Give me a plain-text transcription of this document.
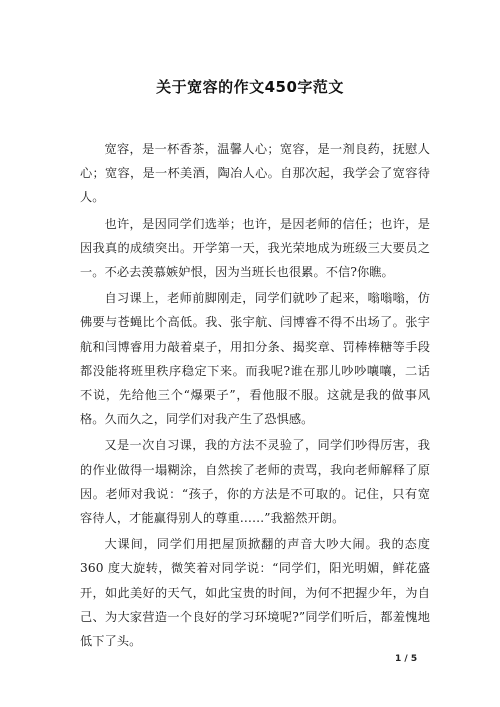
关于宽容的作文450字范文

宽容，是一杯香茶，温馨人心；宽容，是一剂良药，抚慰人心；宽容，是一杯美酒，陶冶人心。自那次起，我学会了宽容待人。

也许，是因同学们选举；也许，是因老师的信任；也许，是因我真的成绩突出。开学第一天，我光荣地成为班级三大要员之一。不必去羡慕嫉妒恨，因为当班长也很累。不信?你瞧。

自习课上，老师前脚刚走，同学们就吵了起来，嗡嗡嗡，仿佛要与苍蝇比个高低。我、张宇航、闫博睿不得不出场了。张宇航和闫博睿用力敲着桌子，用扣分条、揭奖章、罚棒棒糖等手段都没能将班里秩序稳定下来。而我呢?谁在那儿吵吵嚷嚷，二话不说，先给他三个“爆栗子”，看他服不服。这就是我的做事风格。久而久之，同学们对我产生了恐惧感。

又是一次自习课，我的方法不灵验了，同学们吵得厉害，我的作业做得一塌糊涂，自然挨了老师的责骂，我向老师解释了原因。老师对我说：“孩子，你的方法是不可取的。记住，只有宽容待人，才能赢得别人的尊重……”我豁然开朗。

大课间，同学们用把屋顶掀翻的声音大吵大闹。我的态度 360 度大旋转，微笑着对同学说：“同学们，阳光明媚，鲜花盛开，如此美好的天气，如此宝贵的时间，为何不把握少年，为自己、为大家营造一个良好的学习环境呢?”同学们听后，都羞愧地低下了头。

1 / 5
